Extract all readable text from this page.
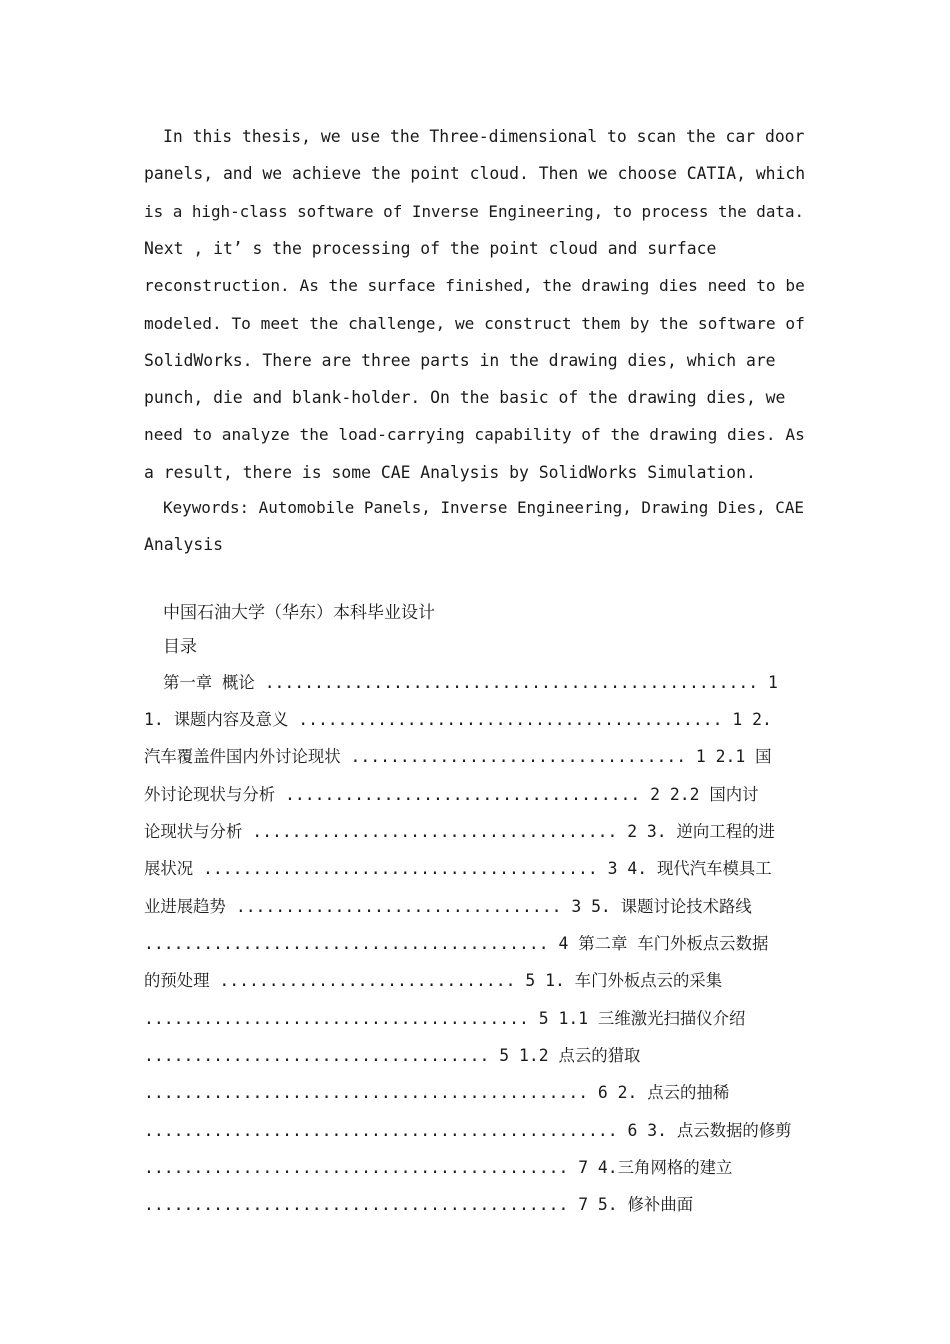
In this thesis, we use the Three-dimensional to scan the car door
panels, and we achieve the point cloud. Then we choose CATIA, which
is a high-class software of Inverse Engineering, to process the data.
Next , it’ s the processing of the point cloud and surface
reconstruction. As the surface finished, the drawing dies need to be
modeled. To meet the challenge, we construct them by the software of
SolidWorks. There are three parts in the drawing dies, which are
punch, die and blank-holder. On the basic of the drawing dies, we
need to analyze the load-carrying capability of the drawing dies. As
a result, there is some CAE Analysis by SolidWorks Simulation.
Keywords: Automobile Panels, Inverse Engineering, Drawing Dies, CAE
Analysis
中国石油大学（华东）本科毕业设计
目录
第一章 概论 .................................................. 1
1. 课题内容及意义 ........................................... 1 2.
汽车覆盖件国内外讨论现状 .................................. 1 2.1 国
外讨论现状与分析 .................................... 2 2.2 国内讨
论现状与分析 ..................................... 2 3. 逆向工程的进
展状况 ........................................ 3 4. 现代汽车模具工
业进展趋势 ................................. 3 5. 课题讨论技术路线
......................................... 4 第二章 车门外板点云数据
的预处理 .............................. 5 1. 车门外板点云的采集
....................................... 5 1.1 三维激光扫描仪介绍
................................... 5 1.2 点云的猎取
............................................. 6 2. 点云的抽稀
................................................ 6 3. 点云数据的修剪
........................................... 7 4.三角网格的建立
........................................... 7 5. 修补曲面
